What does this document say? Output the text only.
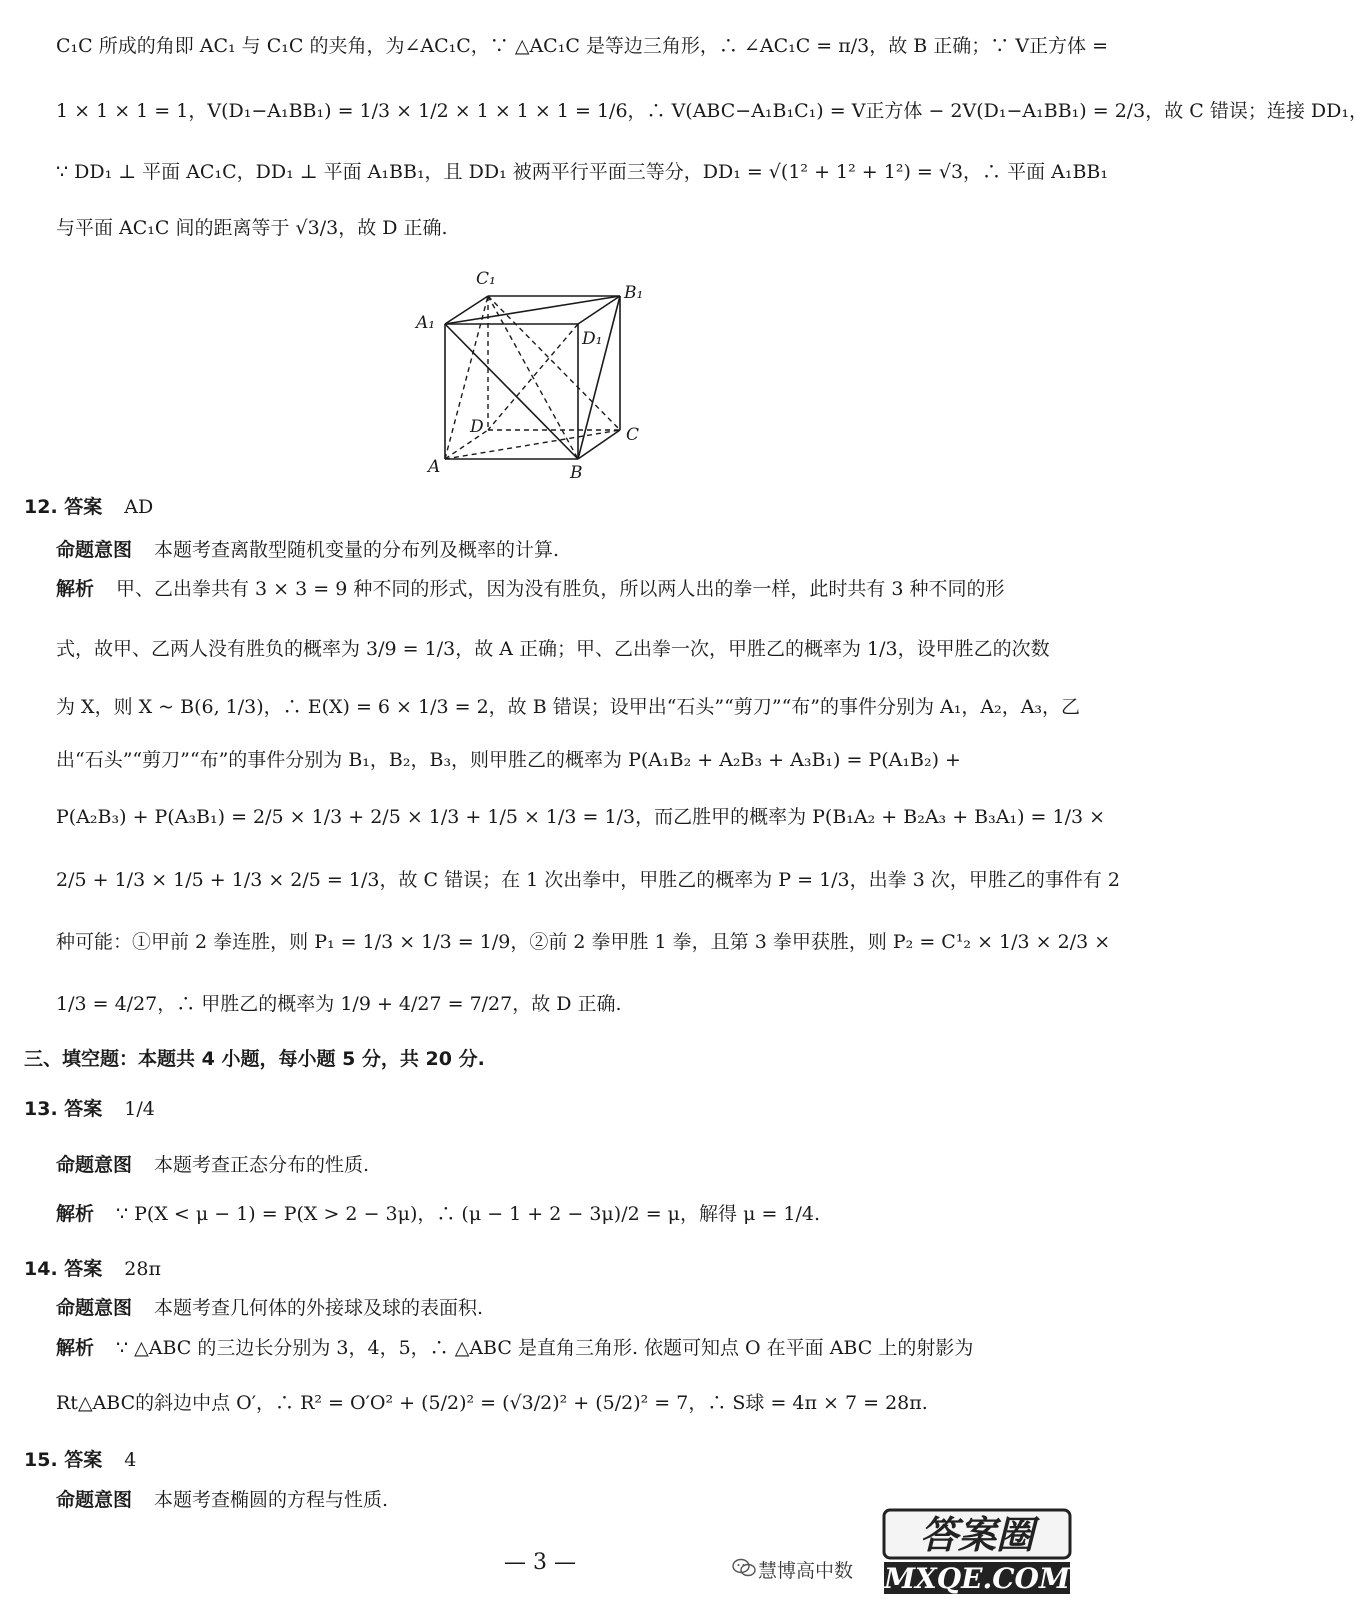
C₁C 所成的角即 AC₁ 与 C₁C 的夹角，为∠AC₁C，∵ △AC₁C 是等边三角形，∴ ∠AC₁C = π/3，故 B 正确；∵ V正方体 =
1 × 1 × 1 = 1，V(D₁−A₁BB₁) = 1/3 × 1/2 × 1 × 1 × 1 = 1/6，∴ V(ABC−A₁B₁C₁) = V正方体 − 2V(D₁−A₁BB₁) = 2/3，故 C 错误；连接 DD₁，
∵ DD₁ ⊥ 平面 AC₁C，DD₁ ⊥ 平面 A₁BB₁，且 DD₁ 被两平行平面三等分，DD₁ = √(1² + 1² + 1²) = √3，∴ 平面 A₁BB₁
与平面 AC₁C 间的距离等于 √3/3，故 D 正确.
C₁
B₁
A₁
D₁
D	C
A	B
12. 答案 AD
命题意图 本题考查离散型随机变量的分布列及概率的计算.
解析 甲、乙出拳共有 3 × 3 = 9 种不同的形式，因为没有胜负，所以两人出的拳一样，此时共有 3 种不同的形
式，故甲、乙两人没有胜负的概率为 3/9 = 1/3，故 A 正确；甲、乙出拳一次，甲胜乙的概率为 1/3，设甲胜乙的次数
为 X，则 X ~ B(6, 1/3)，∴ E(X) = 6 × 1/3 = 2，故 B 错误；设甲出“石头”“剪刀”“布”的事件分别为 A₁，A₂，A₃，乙
出“石头”“剪刀”“布”的事件分别为 B₁，B₂，B₃，则甲胜乙的概率为 P(A₁B₂ + A₂B₃ + A₃B₁) = P(A₁B₂) +
P(A₂B₃) + P(A₃B₁) = 2/5 × 1/3 + 2/5 × 1/3 + 1/5 × 1/3 = 1/3，而乙胜甲的概率为 P(B₁A₂ + B₂A₃ + B₃A₁) = 1/3 ×
2/5 + 1/3 × 1/5 + 1/3 × 2/5 = 1/3，故 C 错误；在 1 次出拳中，甲胜乙的概率为 P = 1/3，出拳 3 次，甲胜乙的事件有 2
种可能：①甲前 2 拳连胜，则 P₁ = 1/3 × 1/3 = 1/9，②前 2 拳甲胜 1 拳，且第 3 拳甲获胜，则 P₂ = C¹₂ × 1/3 × 2/3 ×
1/3 = 4/27，∴ 甲胜乙的概率为 1/9 + 4/27 = 7/27，故 D 正确.
三、填空题：本题共 4 小题，每小题 5 分，共 20 分.
13. 答案 1/4
命题意图 本题考查正态分布的性质.
解析 ∵ P(X < μ − 1) = P(X > 2 − 3μ)，∴ (μ − 1 + 2 − 3μ)/2 = μ，解得 μ = 1/4.
14. 答案 28π
命题意图 本题考查几何体的外接球及球的表面积.
解析 ∵ △ABC 的三边长分别为 3，4，5，∴ △ABC 是直角三角形. 依题可知点 O 在平面 ABC 上的射影为
Rt△ABC的斜边中点 O′，∴ R² = O′O² + (5/2)² = (√3/2)² + (5/2)² = 7，∴ S球 = 4π × 7 = 28π.
15. 答案 4
命题意图 本题考查椭圆的方程与性质.
— 3 —	慧博高中数
答案圈
MXQE.COM
